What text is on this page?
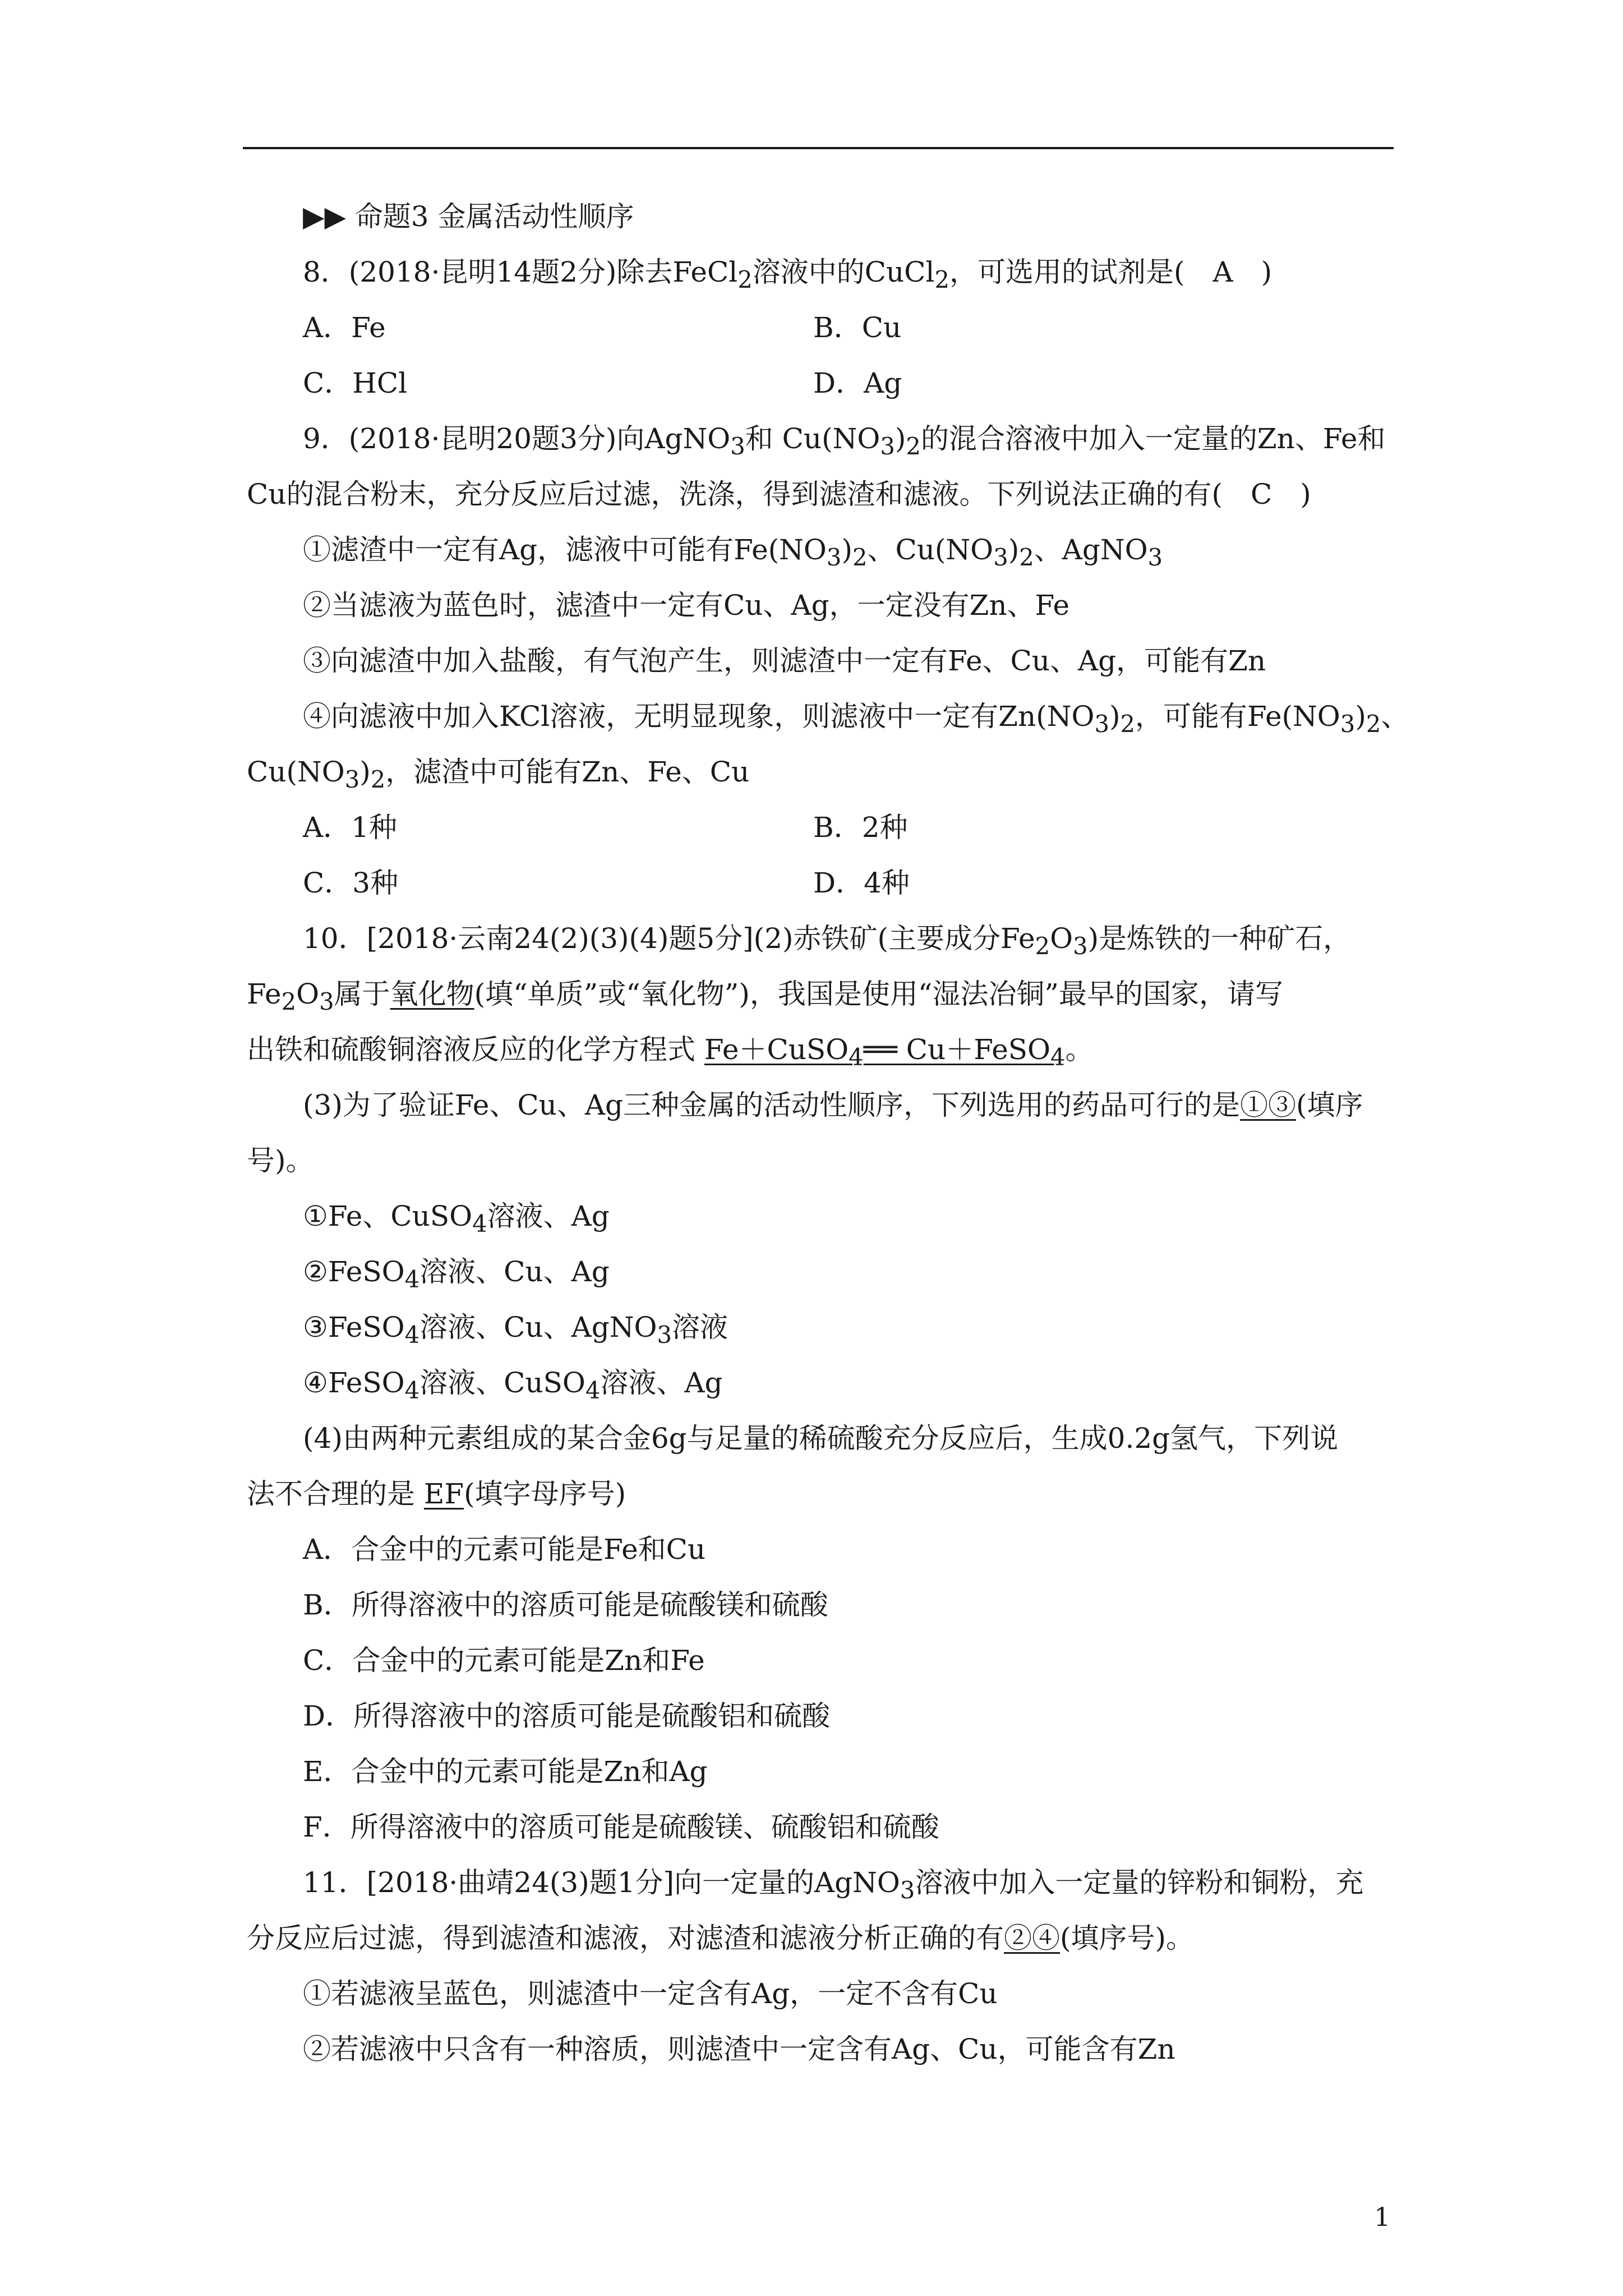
▶▶ 命题3 金属活动性顺序
8．(2018·昆明14题2分)除去FeCl$_2$溶液中的CuCl$_2$，可选用的试剂是(　A　)
A．Fe	B．Cu
C．HCl	D．Ag
9．(2018·昆明20题3分)向AgNO$_3$和 $Cu(NO_3)_2$的混合溶液中加入一定量的Zn、Fe和
Cu的混合粉末，充分反应后过滤，洗涤，得到滤渣和滤液。下列说法正确的有(　C　)
①滤渣中一定有Ag，滤液中可能有$Fe(NO_3)_2$、$Cu(NO_3)_2$、AgNO$_3$
②当滤液为蓝色时，滤渣中一定有Cu、Ag，一定没有Zn、Fe
③向滤渣中加入盐酸，有气泡产生，则滤渣中一定有Fe、Cu、Ag，可能有Zn
④向滤液中加入KCl溶液，无明显现象，则滤液中一定有$Zn(NO_3)_2$，可能有$Fe(NO_3)_2$、
$Cu(NO_3)_2$，滤渣中可能有Zn、Fe、Cu
A．1种	B．2种
C．3种	D．4种
10．[2018·云南24(2)(3)(4)题5分](2)赤铁矿(主要成分$Fe_2O_3$)是炼铁的一种矿石，
$Fe_2O_3$属于氧化物(填“单质”或“氧化物”)，我国是使用“湿法冶铜”最早的国家，请写
出铁和硫酸铜溶液反应的化学方程式 Fe＋CuSO$_4$══ Cu＋FeSO$_4$。
(3)为了验证Fe、Cu、Ag三种金属的活动性顺序，下列选用的药品可行的是①③(填序
号)。
①Fe、CuSO$_4$溶液、Ag
②FeSO$_4$溶液、Cu、Ag
③FeSO$_4$溶液、Cu、AgNO$_3$溶液
④FeSO$_4$溶液、CuSO$_4$溶液、Ag
(4)由两种元素组成的某合金6g与足量的稀硫酸充分反应后，生成0.2g氢气，下列说
法不合理的是 EF(填字母序号)
A．合金中的元素可能是Fe和Cu
B．所得溶液中的溶质可能是硫酸镁和硫酸
C．合金中的元素可能是Zn和Fe
D．所得溶液中的溶质可能是硫酸铝和硫酸
E．合金中的元素可能是Zn和Ag
F．所得溶液中的溶质可能是硫酸镁、硫酸铝和硫酸
11．[2018·曲靖24(3)题1分]向一定量的AgNO$_3$溶液中加入一定量的锌粉和铜粉，充
分反应后过滤，得到滤渣和滤液，对滤渣和滤液分析正确的有②④(填序号)。
①若滤液呈蓝色，则滤渣中一定含有Ag，一定不含有Cu
②若滤液中只含有一种溶质，则滤渣中一定含有Ag、Cu，可能含有Zn
1
